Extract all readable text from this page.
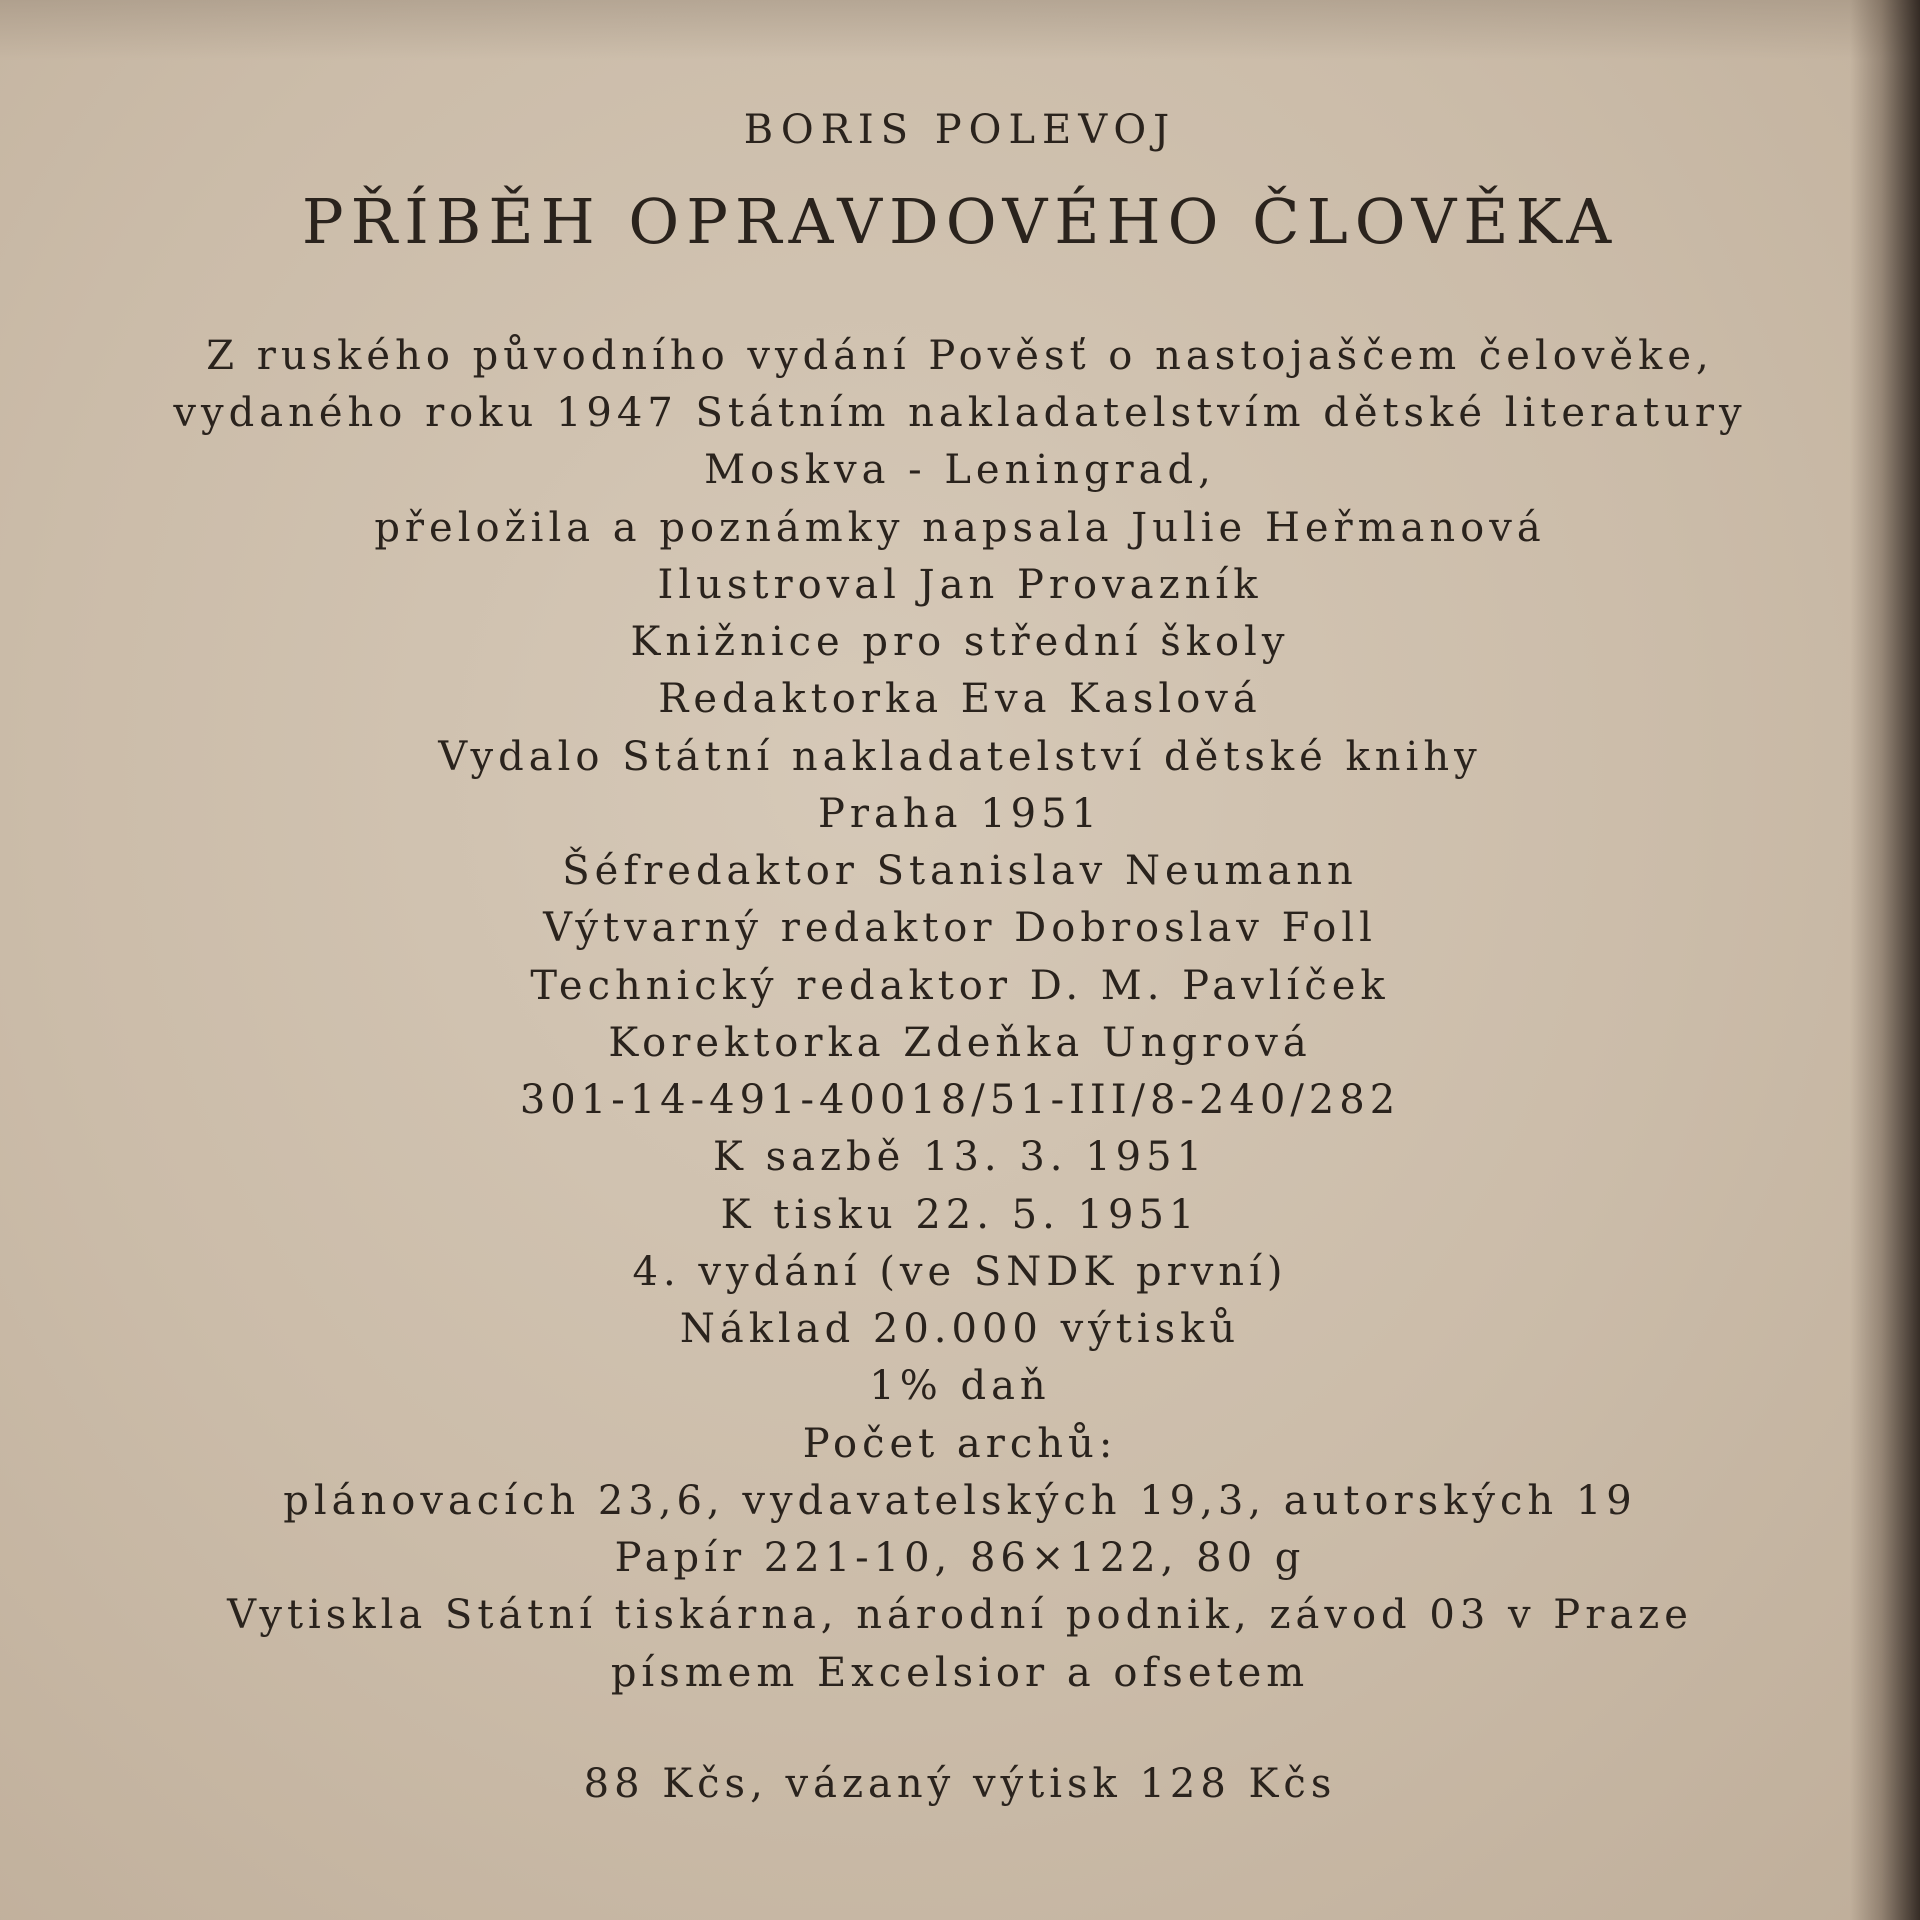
BORIS POLEVOJ
PŘÍBĚH OPRAVDOVÉHO ČLOVĚKA
Z ruského původního vydání Pověsť o nastojaščem čelověke,
vydaného roku 1947 Státním nakladatelstvím dětské literatury
Moskva - Leningrad,
přeložila a poznámky napsala Julie Heřmanová
Ilustroval Jan Provazník
Knižnice pro střední školy
Redaktorka Eva Kaslová
Vydalo Státní nakladatelství dětské knihy
Praha 1951
Šéfredaktor Stanislav Neumann
Výtvarný redaktor Dobroslav Foll
Technický redaktor D. M. Pavlíček
Korektorka Zdeňka Ungrová
301-14-491-40018/51-III/8-240/282
K sazbě 13. 3. 1951
K tisku 22. 5. 1951
4. vydání (ve SNDK první)
Náklad 20.000 výtisků
1% daň
Počet archů:
plánovacích 23,6, vydavatelských 19,3, autorských 19
Papír 221-10, 86×122, 80 g
Vytiskla Státní tiskárna, národní podnik, závod 03 v Praze
písmem Excelsior a ofsetem
88 Kčs, vázaný výtisk 128 Kčs
